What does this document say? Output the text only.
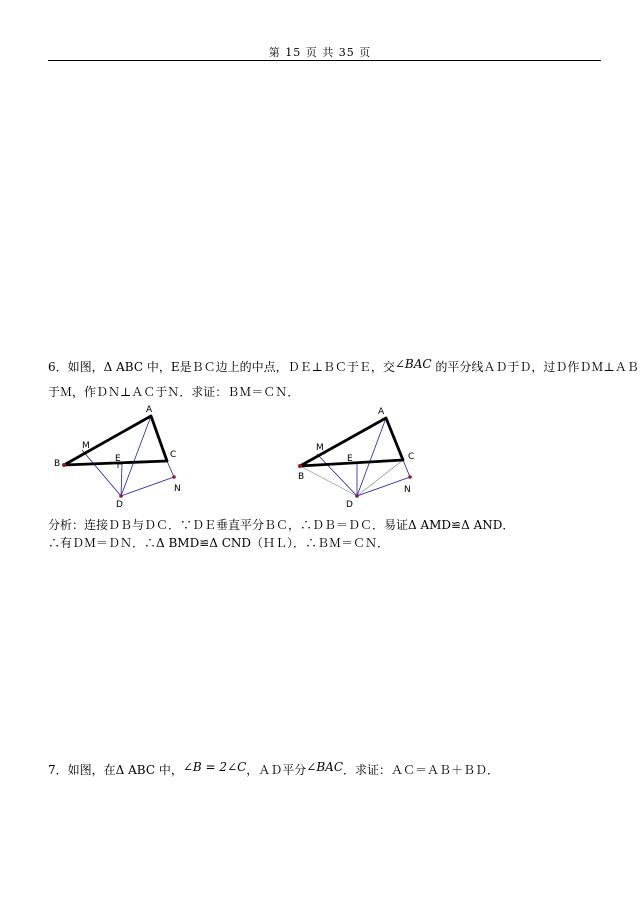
第 15 页 共 35 页
6．如图，Δ ABC 中，E是ＢＣ边上的中点，ＤＥ⊥ＢＣ于Ｅ，交∠BAC 的平分线ＡＤ于Ｄ，过Ｄ作ＤＭ⊥ＡＢ
于Ｍ，作ＤＮ⊥ＡＣ于Ｎ．求证：ＢＭ＝ＣＮ．
A
B
C
D
E
M
N
A
B
C
D
E
M
N
分析：连接ＤＢ与ＤＣ．∵ＤＥ垂直平分ＢＣ，∴ＤＢ＝ＤＣ．易证Δ AMD≌Δ AND．
∴有ＤＭ＝ＤＮ．∴Δ BMD≌Δ CND（ＨＬ）．∴ＢＭ＝ＣＮ．
7．如图，在Δ ABC 中，∠B = 2∠C，ＡＤ平分∠BAC．求证：ＡＣ＝ＡＢ＋ＢＤ．
